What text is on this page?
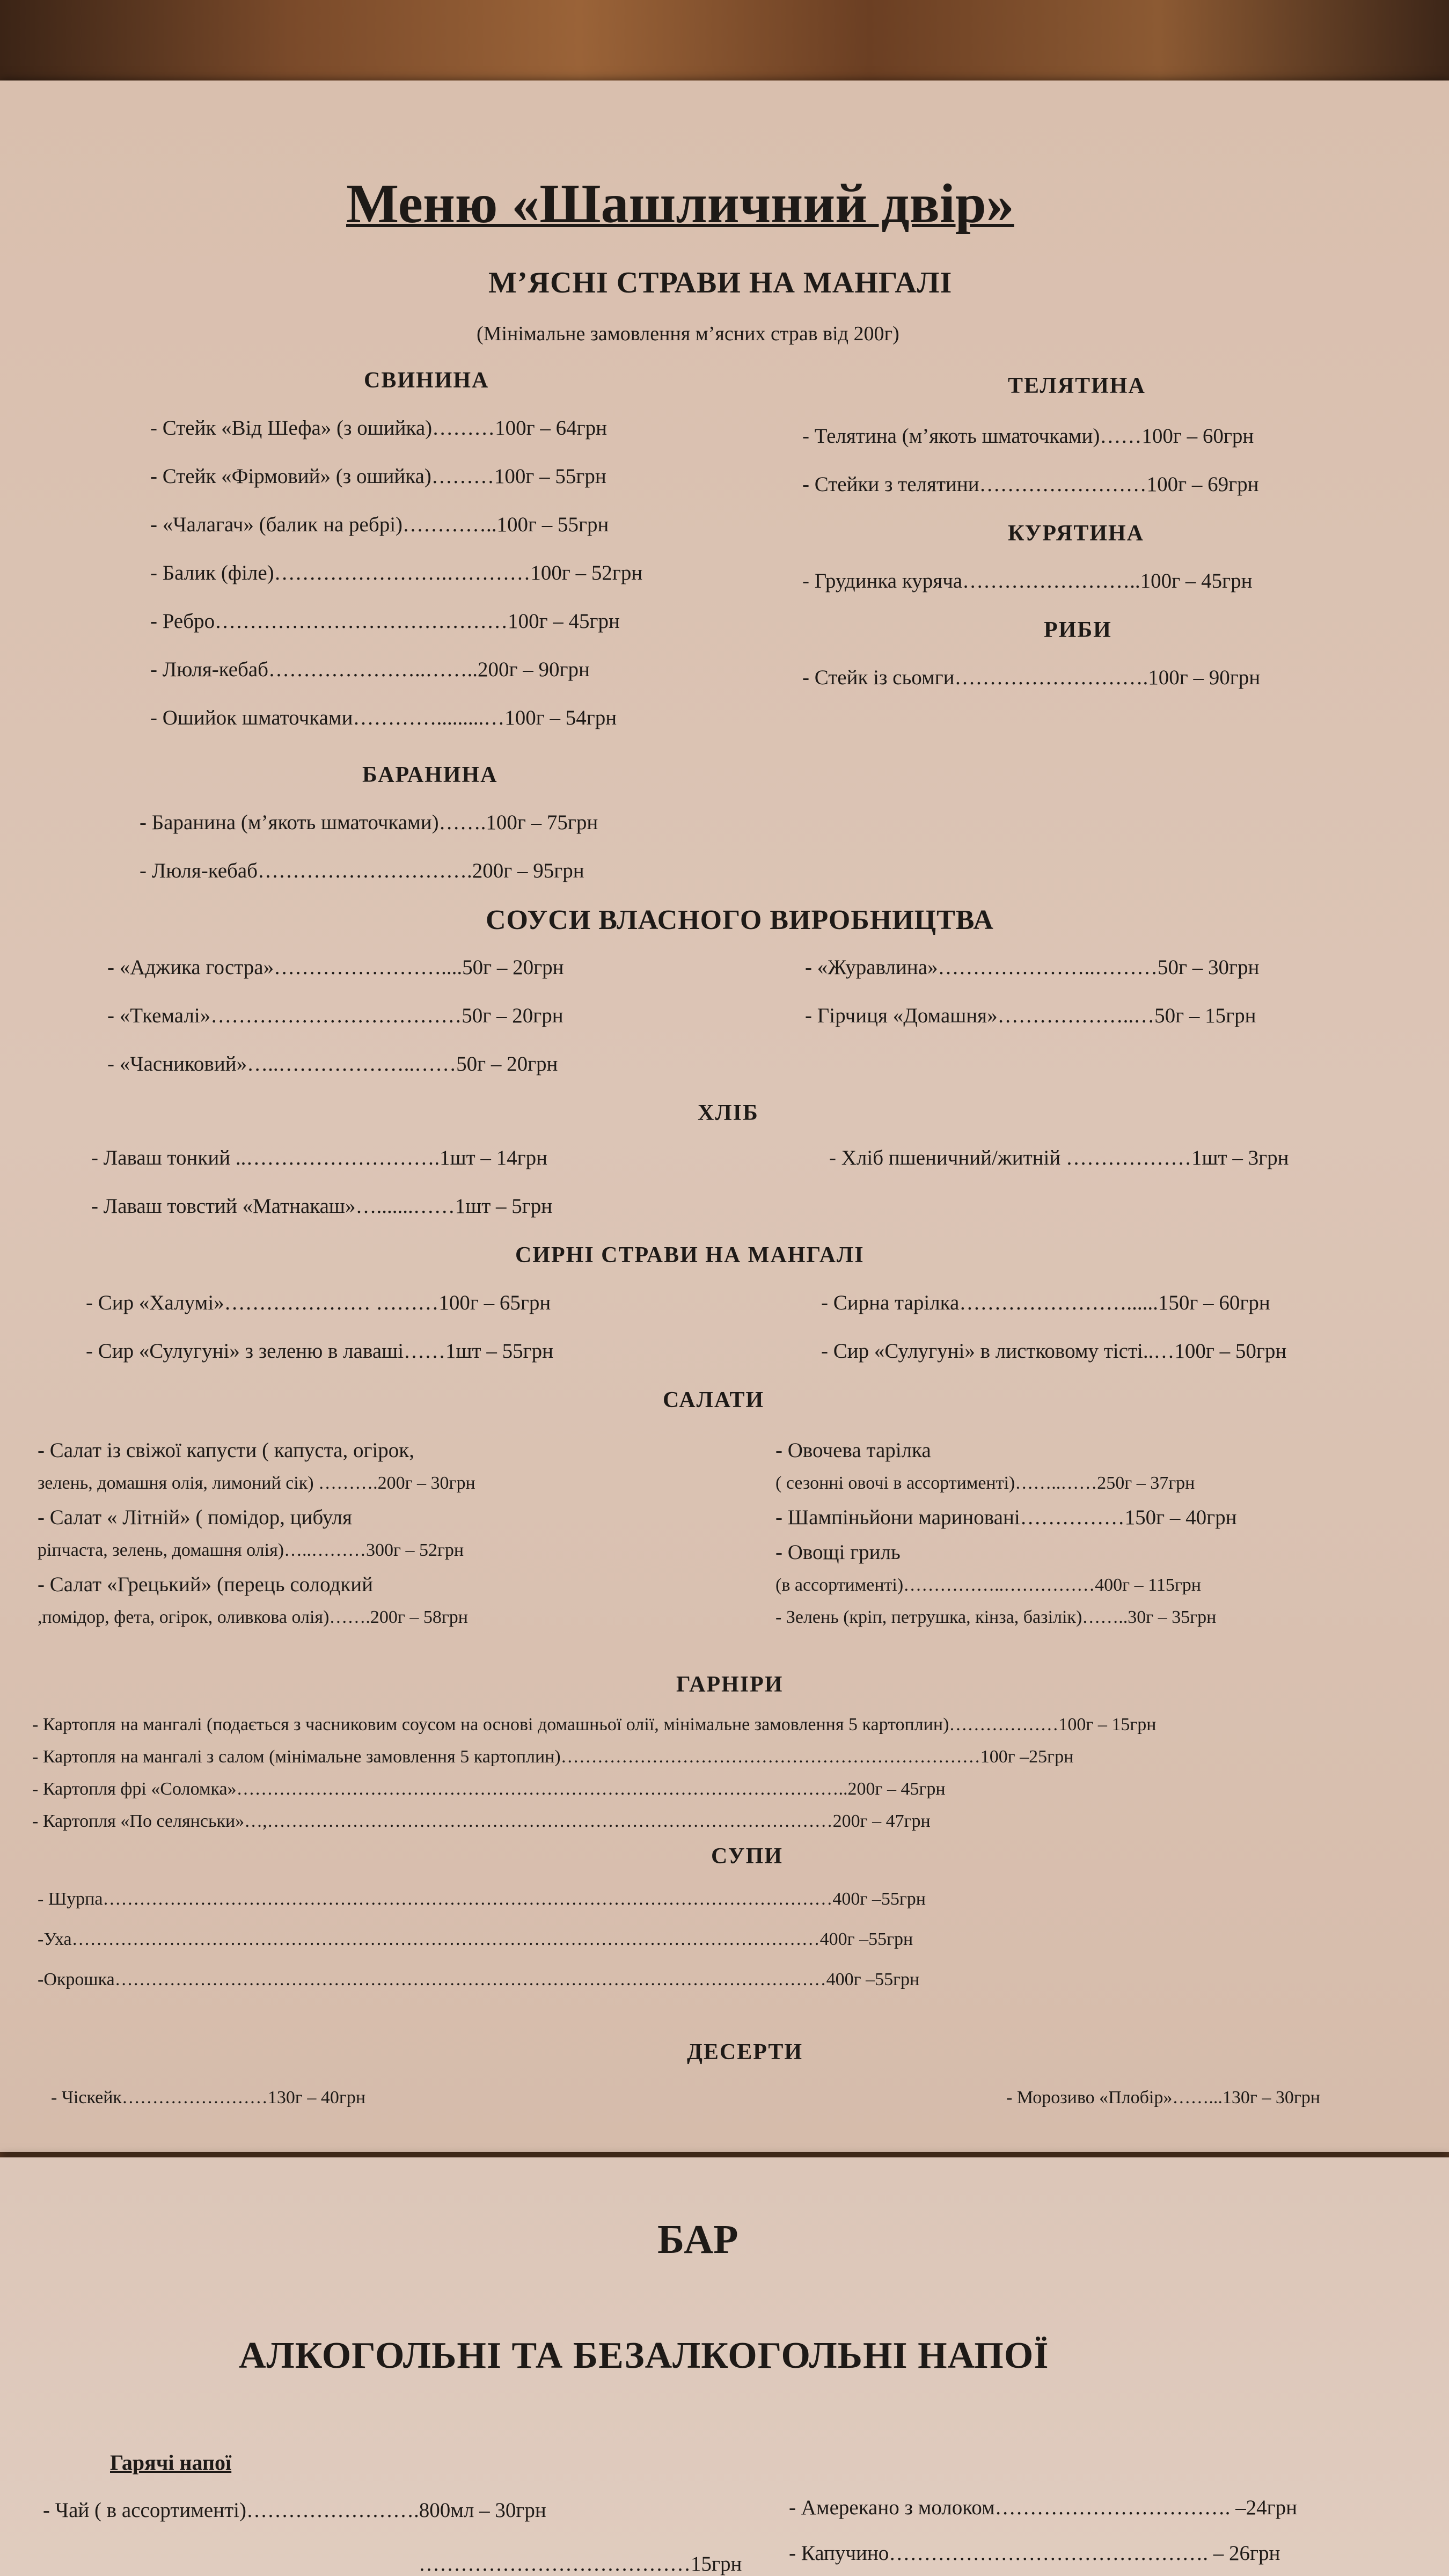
Меню «Шашличний двір»
М’ЯСНІ СТРАВИ НА МАНГАЛІ
(Мінімальне замовлення м’ясних страв від 200г)
СВИНИНА
- Стейк «Від Шефа» (з ошийка)………100г – 64грн
- Стейк «Фірмовий» (з ошийка)………100г – 55грн
- «Чалагач» (балик на ребрі)…………..100г – 55грн
- Балик (філе)…………………….…………100г – 52грн
- Ребро……………………………………100г – 45грн
- Люля-кебаб…………………..……..200г – 90грн
- Ошийок шматочками………….........…100г – 54грн
БАРАНИНА
- Баранина (м’якоть шматочками)…….100г – 75грн
- Люля-кебаб………………………….200г – 95грн
ТЕЛЯТИНА
- Телятина (м’якоть шматочками)……100г – 60грн
- Стейки з телятини……………………100г – 69грн
КУРЯТИНА
- Грудинка куряча……………………..100г – 45грн
РИБИ
- Стейк із сьомги……………………….100г – 90грн
СОУСИ ВЛАСНОГО ВИРОБНИЦТВА
- «Аджика гостра»……………………....50г – 20грн
- «Ткемалі»………………………………50г – 20грн
- «Часниковий»…..………………..……50г – 20грн
- «Журавлина»…………………..………50г – 30грн
- Гірчиця «Домашня»………………..…50г – 15грн
ХЛІБ
- Лаваш тонкий ..……………………….1шт – 14грн
- Лаваш товстий «Матнакаш»….......……1шт – 5грн
- Хліб пшеничний/житній ………………1шт – 3грн
СИРНІ СТРАВИ НА МАНГАЛІ
- Сир «Халумі»………………… ………100г – 65грн
- Сир «Сулугуні» з зеленю в лаваші……1шт – 55грн
- Сирна тарілка……………………......150г – 60грн
- Сир «Сулугуні» в листковому тісті..…100г – 50грн
САЛАТИ
- Салат із свіжої капусти ( капуста, огірок,
зелень, домашня олія, лимоний сік) ……….200г – 30грн
- Салат « Літній» ( помідор, цибуля
ріпчаста, зелень, домашня олія)…..………300г – 52грн
- Салат «Грецький» (перець солодкий
,помідор, фета, огірок, оливкова олія)…….200г – 58грн
- Овочева тарілка
( сезонні овочі в ассортименті)……..……250г – 37грн
- Шампіньйони мариновані……………150г – 40грн
- Овощі гриль
(в ассортименті)……………..……………400г – 115грн
- Зелень (кріп, петрушка, кінза, базілік)……..30г – 35грн
ГАРНІРИ
- Картопля на мангалі (подається з часниковим соусом на основі домашньої олії, мінімальне замовлення 5 картоплин)………………100г – 15грн
- Картопля на мангалі з салом (мінімальне замовлення 5 картоплин)……………………………………………………………100г –25грн
- Картопля фрі «Соломка»………………………………………………………………………………………..200г – 45грн
- Картопля «По селянськи»…,…………………………………………………………………………………200г – 47грн
СУПИ
- Шурпа…………………………………………………………………………………………………………400г –55грн
-Уха……………………………………………………………………………………………………………400г –55грн
-Окрошка………………………………………………………………………………………………………400г –55грн
ДЕСЕРТИ
- Чіскейк……………………130г – 40грн	- Морозиво «Плобір»……...130г – 30грн
БАР
АЛКОГОЛЬНІ ТА БЕЗАЛКОГОЛЬНІ НАПОЇ
Гарячі напої
- Чай ( в ассортименті)…………………….800мл – 30грн
…………………………………15грн
- Амерекано з молоком……………………………. –24грн
- Капучино………………………………………. – 26грн
